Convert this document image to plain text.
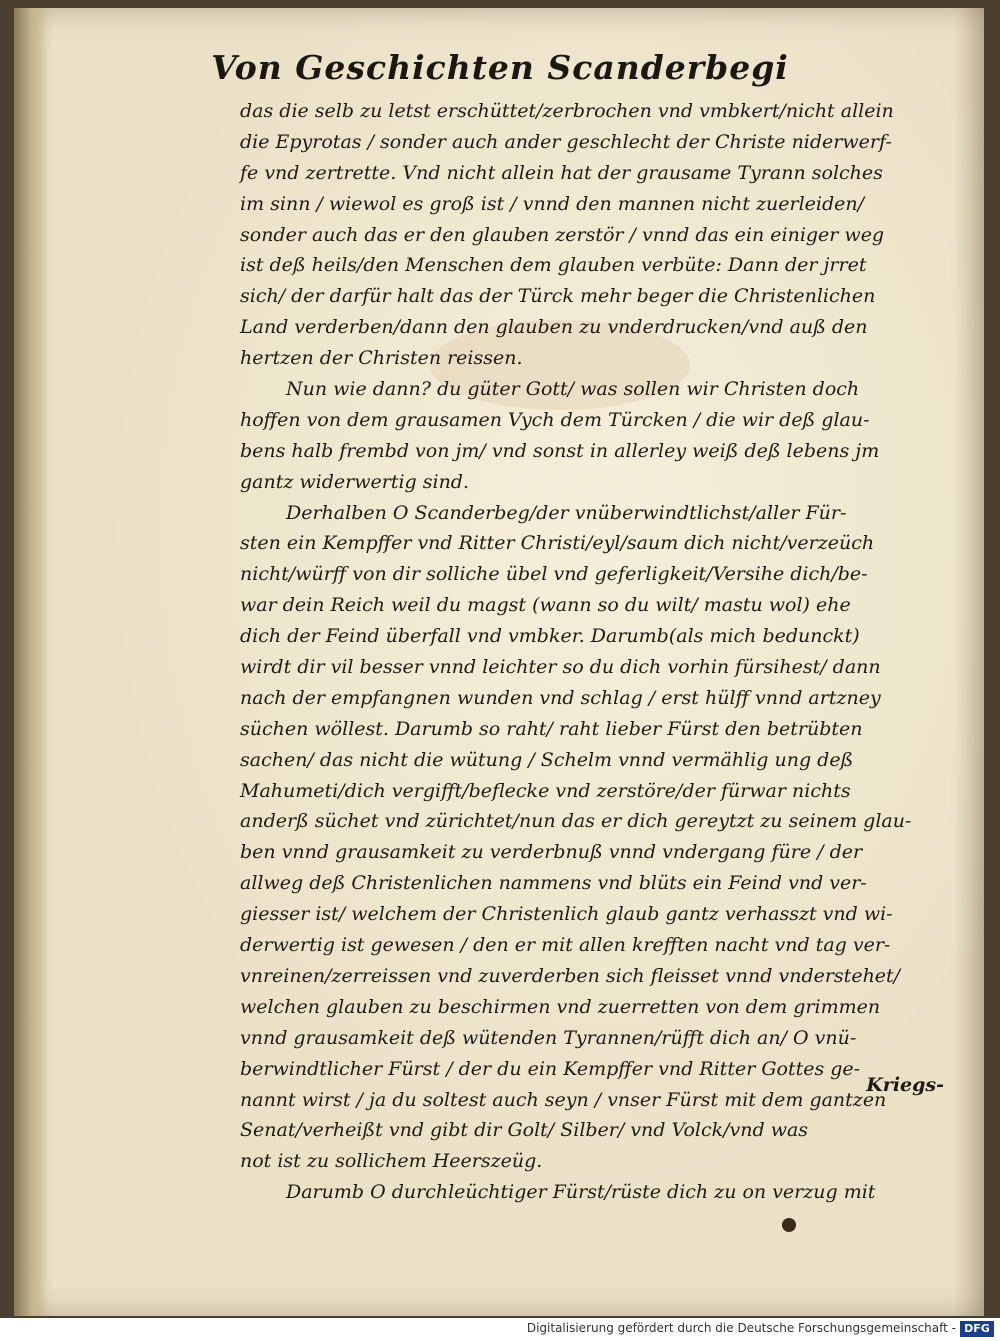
Von Geschichten Scanderbegi
das die selb zu letst erschüttet/zerbrochen vnd vmbkert/nicht allein
die Epyrotas / sonder auch ander geschlecht der Christe niderwerf-
fe vnd zertrette. Vnd nicht allein hat der grausame Tyrann solches
im sinn / wiewol es groß ist / vnnd den mannen nicht zuerleiden/
sonder auch das er den glauben zerstör / vnnd das ein einiger weg
ist deß heils/den Menschen dem glauben verbüte: Dann der jrret
sich/ der darfür halt das der Türck mehr beger die Christenlichen
Land verderben/dann den glauben zu vnderdrucken/vnd auß den
hertzen der Christen reissen.
Nun wie dann? du güter Gott/ was sollen wir Christen doch
hoffen von dem grausamen Vych dem Türcken / die wir deß glau-
bens halb frembd von jm/ vnd sonst in allerley weiß deß lebens jm
gantz widerwertig sind.
Derhalben O Scanderbeg/der vnüberwindtlichst/aller Für-
sten ein Kempffer vnd Ritter Christi/eyl/saum dich nicht/verzeüch
nicht/würff von dir solliche übel vnd geferligkeit/Versihe dich/be-
war dein Reich weil du magst (wann so du wilt/ mastu wol) ehe
dich der Feind überfall vnd vmbker. Darumb(als mich bedunckt)
wirdt dir vil besser vnnd leichter so du dich vorhin fürsihest/ dann
nach der empfangnen wunden vnd schlag / erst hülff vnnd artzney
süchen wöllest. Darumb so raht/ raht lieber Fürst den betrübten
sachen/ das nicht die wütung / Schelm vnnd vermählig ung deß
Mahumeti/dich vergifft/beflecke vnd zerstöre/der fürwar nichts
anderß süchet vnd zürichtet/nun das er dich gereytzt zu seinem glau-
ben vnnd grausamkeit zu verderbnuß vnnd vndergang füre / der
allweg deß Christenlichen nammens vnd blüts ein Feind vnd ver-
giesser ist/ welchem der Christenlich glaub gantz verhasszt vnd wi-
derwertig ist gewesen / den er mit allen krefften nacht vnd tag ver-
vnreinen/zerreissen vnd zuverderben sich fleisset vnnd vnderstehet/
welchen glauben zu beschirmen vnd zuerretten von dem grimmen
vnnd grausamkeit deß wütenden Tyrannen/rüfft dich an/ O vnü-
berwindtlicher Fürst / der du ein Kempffer vnd Ritter Gottes ge-
nannt wirst / ja du soltest auch seyn / vnser Fürst mit dem gantzen
Senat/verheißt vnd gibt dir Golt/ Silber/ vnd Volck/vnd was
not ist zu sollichem Heerszeüg.
Darumb O durchleüchtiger Fürst/rüste dich zu on verzug mit
Kriegs-
Digitalisierung gefördert durch die Deutsche Forschungsgemeinschaft - DFG
